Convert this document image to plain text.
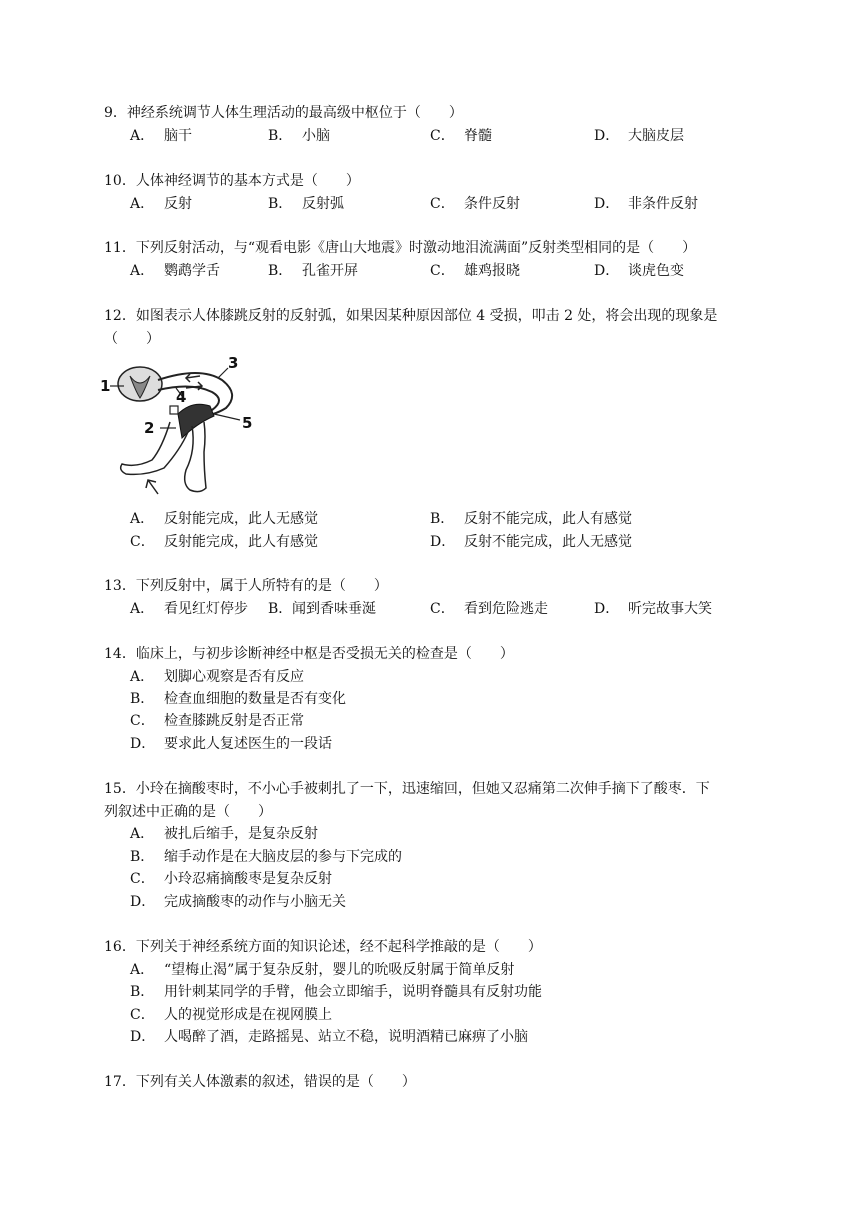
9．神经系统调节人体生理活动的最高级中枢位于（　　）
A． 脑干	B． 小脑	C． 脊髓	D． 大脑皮层
10．人体神经调节的基本方式是（　　）
A． 反射	B． 反射弧	C． 条件反射	D． 非条件反射
11．下列反射活动，与“观看电影《唐山大地震》时激动地泪流满面”反射类型相同的是（　　）
A． 鹦鹉学舌	B． 孔雀开屏	C． 雄鸡报晓	D． 谈虎色变
12．如图表示人体膝跳反射的反射弧，如果因某种原因部位 4 受损，叩击 2 处，将会出现的现象是
（　　）
1
2
3
4
5
A． 反射能完成，此人无感觉	B． 反射不能完成，此人有感觉
C． 反射能完成，此人有感觉	D． 反射不能完成，此人无感觉
13．下列反射中，属于人所特有的是（　　）
A． 看见红灯停步 B．闻到香味垂涎	C． 看到危险逃走	D． 听完故事大笑
14．临床上，与初步诊断神经中枢是否受损无关的检查是（　　）
A． 划脚心观察是否有反应
B． 检查血细胞的数量是否有变化
C． 检查膝跳反射是否正常
D． 要求此人复述医生的一段话
15．小玲在摘酸枣时，不小心手被刺扎了一下，迅速缩回，但她又忍痛第二次伸手摘下了酸枣．下
列叙述中正确的是（　　）
A． 被扎后缩手，是复杂反射
B． 缩手动作是在大脑皮层的参与下完成的
C． 小玲忍痛摘酸枣是复杂反射
D． 完成摘酸枣的动作与小脑无关
16．下列关于神经系统方面的知识论述，经不起科学推敲的是（　　）
A． “望梅止渴”属于复杂反射，婴儿的吮吸反射属于简单反射
B． 用针刺某同学的手臂，他会立即缩手，说明脊髓具有反射功能
C． 人的视觉形成是在视网膜上
D． 人喝醉了酒，走路摇晃、站立不稳，说明酒精已麻痹了小脑
17．下列有关人体激素的叙述，错误的是（　　）
